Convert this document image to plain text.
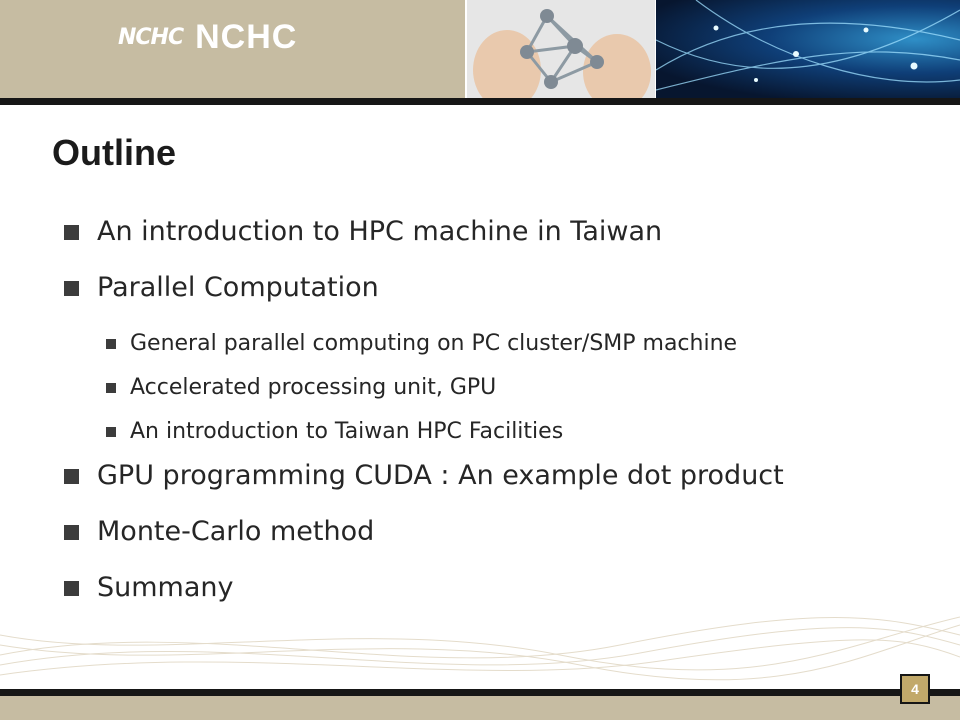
NCHC NCHC
Outline
An introduction to HPC machine in Taiwan
Parallel Computation
General parallel computing on PC cluster/SMP machine
Accelerated processing unit, GPU
An introduction to Taiwan HPC Facilities
GPU programming CUDA : An example dot product
Monte-Carlo method
Summany
4
